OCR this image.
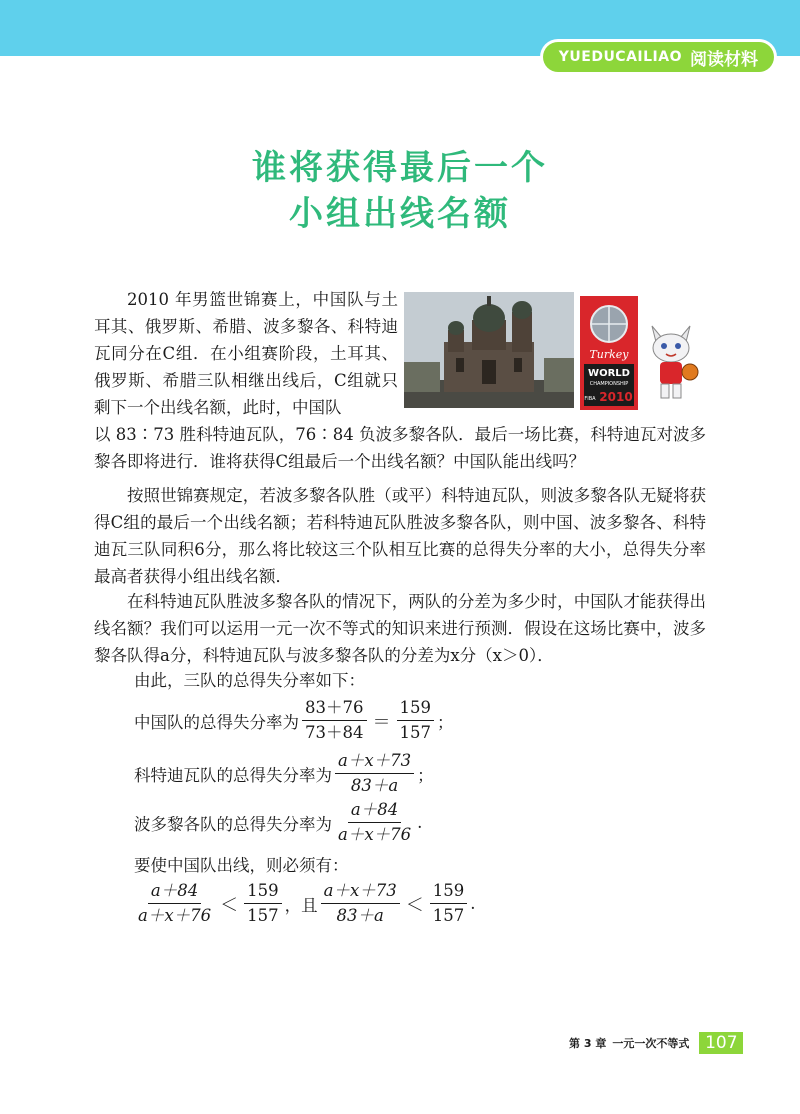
YUEDUCAILIAO 阅读材料
谁将获得最后一个
小组出线名额

2010 年男篮世锦赛上，中国队与土耳其、俄罗斯、希腊、波多黎各、科特迪瓦同分在C组．在小组赛阶段，土耳其、俄罗斯、希腊三队相继出线后，C组就只剩下一个出线名额，此时，中国队

Turkey
WORLD
CHAMPIONSHIP
FIBA 2010

以 83∶73 胜科特迪瓦队，76∶84 负波多黎各队．最后一场比赛，科特迪瓦对波多黎各即将进行．谁将获得C组最后一个出线名额？中国队能出线吗？

按照世锦赛规定，若波多黎各队胜（或平）科特迪瓦队，则波多黎各队无疑将获得C组的最后一个出线名额；若科特迪瓦队胜波多黎各队，则中国、波多黎各、科特迪瓦三队同积6分，那么将比较这三个队相互比赛的总得失分率的大小，总得失分率最高者获得小组出线名额．

在科特迪瓦队胜波多黎各队的情况下，两队的分差为多少时，中国队才能获得出线名额？我们可以运用一元一次不等式的知识来进行预测．假设在这场比赛中，波多黎各队得a分，科特迪瓦队与波多黎各队的分差为x分（x＞0）．

由此，三队的总得失分率如下：

中国队的总得失分率为 $\frac{83+76}{73+84} = \frac{159}{157}$ ；
科特迪瓦队的总得失分率为 $\frac{a+x+73}{83+a}$ ；
波多黎各队的总得失分率为 $\frac{a+84}{a+x+76}$ .

要使中国队出线，则必须有：

$\frac{a+84}{a+x+76} < \frac{159}{157}$ ，且 $\frac{a+x+73}{83+a} < \frac{159}{157}$ .
第 3 章 一元一次不等式 107
